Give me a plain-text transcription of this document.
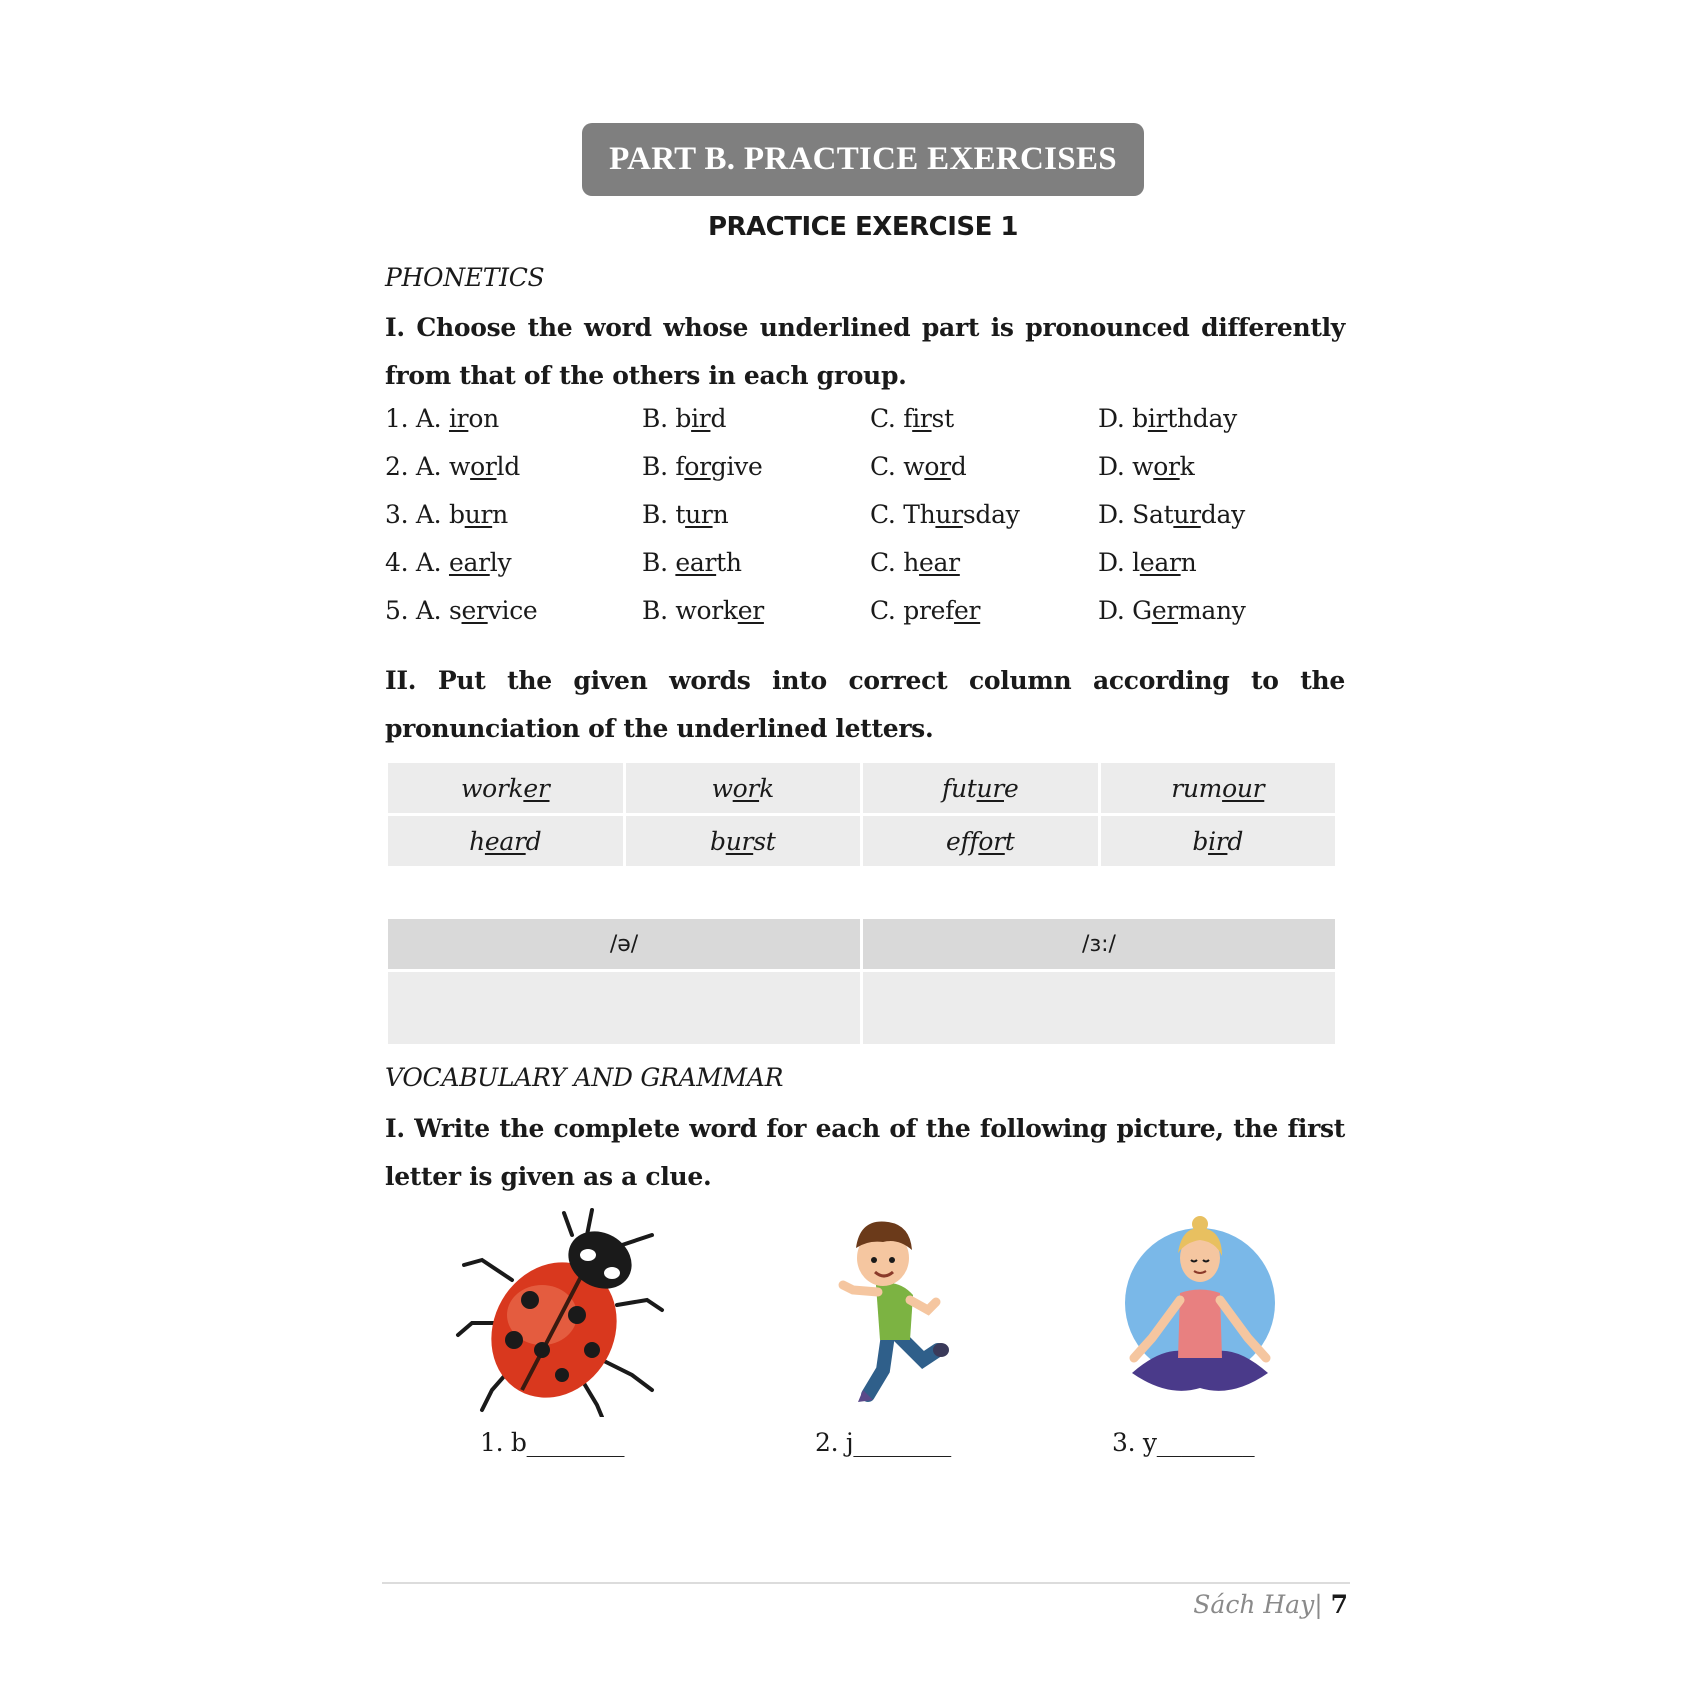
PART B. PRACTICE EXERCISES
PRACTICE EXERCISE 1
PHONETICS
I. Choose the word whose underlined part is pronounced differently from that of the others in each group.
1. A. iron	B. bird	C. first	D. birthday
2. A. world	B. forgive	C. word	D. work
3. A. burn	B. turn	C. Thursday	D. Saturday
4. A. early	B. earth	C. hear	D. learn
5. A. service	B. worker	C. prefer	D. Germany
II. Put the given words into correct column according to the pronunciation of the underlined letters.
worker	work	future	rumour
heard	burst	effort	bird
/ə/	/ɜ:/

VOCABULARY AND GRAMMAR
I. Write the complete word for each of the following picture, the first letter is given as a clue.
1. b________	2. j________	3. y________
Sách Hay| 7
